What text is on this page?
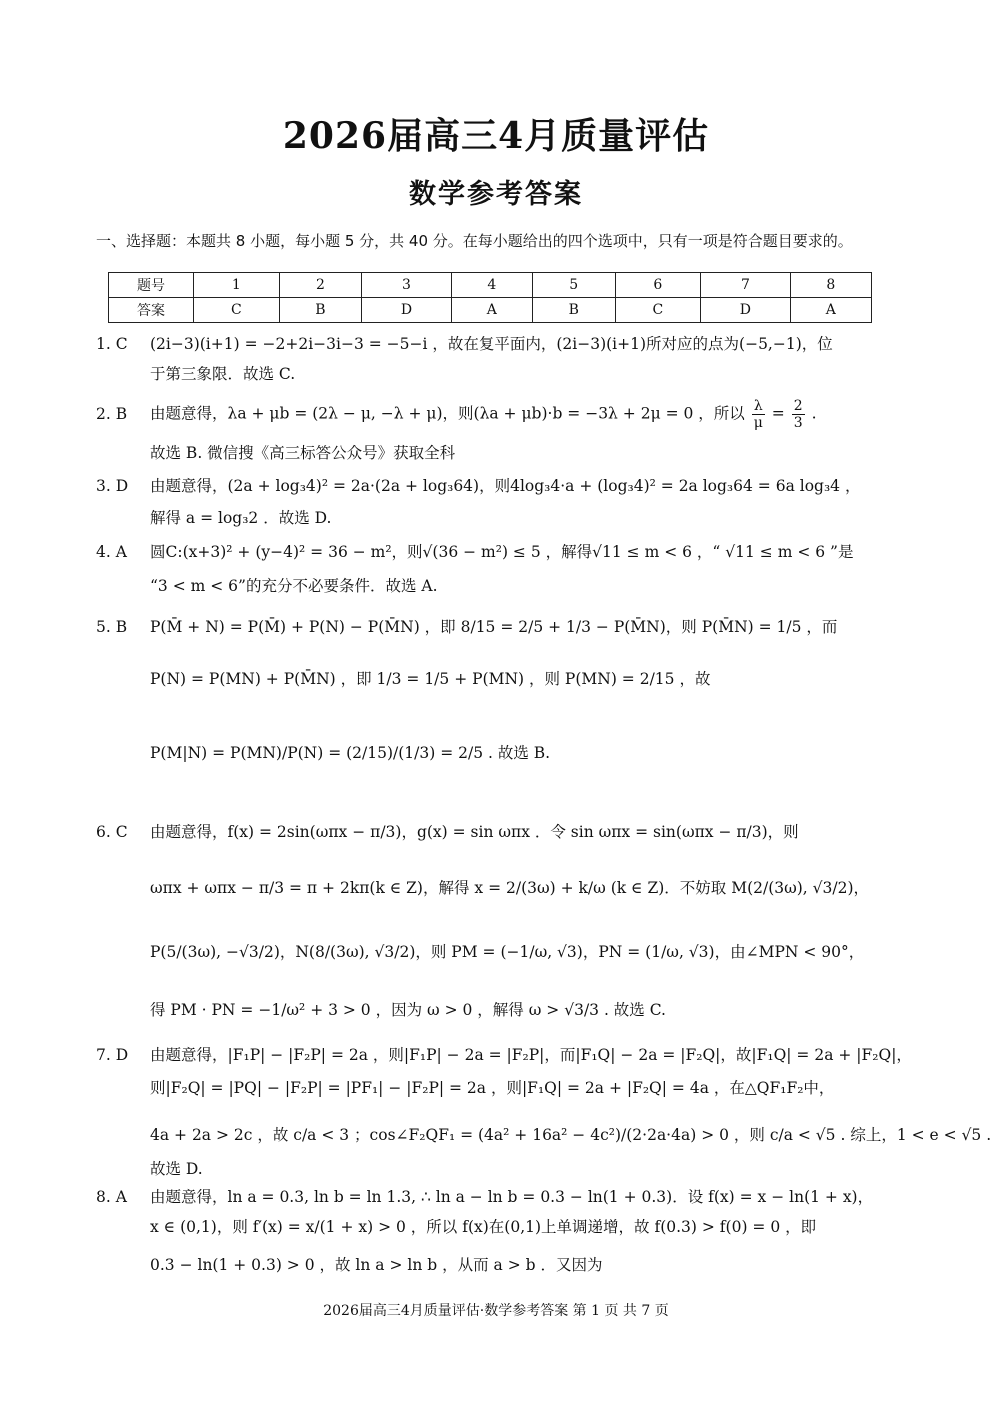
2026届高三4月质量评估
数学参考答案
一、选择题：本题共 8 小题，每小题 5 分，共 40 分。在每小题给出的四个选项中，只有一项是符合题目要求的。
题号	1	2	3	4	5	6	7	8
答案	C	B	D	A	B	C	D	A
1. C	(2i−3)(i+1) = −2+2i−3i−3 = −5−i ，故在复平面内，(2i−3)(i+1)所对应的点为(−5,−1)，位
于第三象限．故选 C.
2. B	由题意得，λa + μb = (2λ − μ, −λ + μ)，则(λa + μb)·b = −3λ + 2μ = 0 ，所以 $\frac{\lambda}{\mu} = \frac{2}{3}$ .
故选 B. 微信搜《高三标答公众号》获取全科
3. D	由题意得，(2a + log₃4)² = 2a·(2a + log₃64)，则4log₃4·a + (log₃4)² = 2a log₃64 = 6a log₃4 ，
解得 a = log₃2 ．故选 D.
4. A	圆C:(x+3)² + (y−4)² = 36 − m²，则√(36 − m²) ≤ 5 ，解得√11 ≤ m < 6 ，“ √11 ≤ m < 6 ”是
“3 < m < 6”的充分不必要条件．故选 A.
5. B	P(M̄ + N) = P(M̄) + P(N) − P(M̄N) ，即 8/15 = 2/5 + 1/3 − P(M̄N)，则 P(M̄N) = 1/5 ，而
P(N) = P(MN) + P(M̄N) ，即 1/3 = 1/5 + P(MN) ，则 P(MN) = 2/15 ，故
P(M|N) = P(MN)/P(N) = (2/15)/(1/3) = 2/5 . 故选 B.
6. C	由题意得，f(x) = 2sin(ωπx − π/3)，g(x) = sin ωπx ．令 sin ωπx = sin(ωπx − π/3)，则
ωπx + ωπx − π/3 = π + 2kπ(k ∈ Z)，解得 x = 2/(3ω) + k/ω (k ∈ Z)．不妨取 M(2/(3ω), √3/2)，
P(5/(3ω), −√3/2)，N(8/(3ω), √3/2)，则 PM = (−1/ω, √3)，PN = (1/ω, √3)，由∠MPN < 90°，
得 PM · PN = −1/ω² + 3 > 0 ，因为 ω > 0 ，解得 ω > √3/3 . 故选 C.
7. D	由题意得，|F₁P| − |F₂P| = 2a ，则|F₁P| − 2a = |F₂P|，而|F₁Q| − 2a = |F₂Q|，故|F₁Q| = 2a + |F₂Q|，
则|F₂Q| = |PQ| − |F₂P| = |PF₁| − |F₂P| = 2a ，则|F₁Q| = 2a + |F₂Q| = 4a ，在△QF₁F₂中，
4a + 2a > 2c ，故 c/a < 3 ；cos∠F₂QF₁ = (4a² + 16a² − 4c²)/(2·2a·4a) > 0 ，则 c/a < √5 . 综上，1 < e < √5 .
故选 D.
8. A	由题意得，ln a = 0.3, ln b = ln 1.3, ∴ ln a − ln b = 0.3 − ln(1 + 0.3)．设 f(x) = x − ln(1 + x)，
x ∈ (0,1)，则 f′(x) = x/(1 + x) > 0 ，所以 f(x)在(0,1)上单调递增，故 f(0.3) > f(0) = 0 ，即
0.3 − ln(1 + 0.3) > 0 ，故 ln a > ln b ，从而 a > b ．又因为
2026届高三4月质量评估·数学参考答案 第 1 页 共 7 页
